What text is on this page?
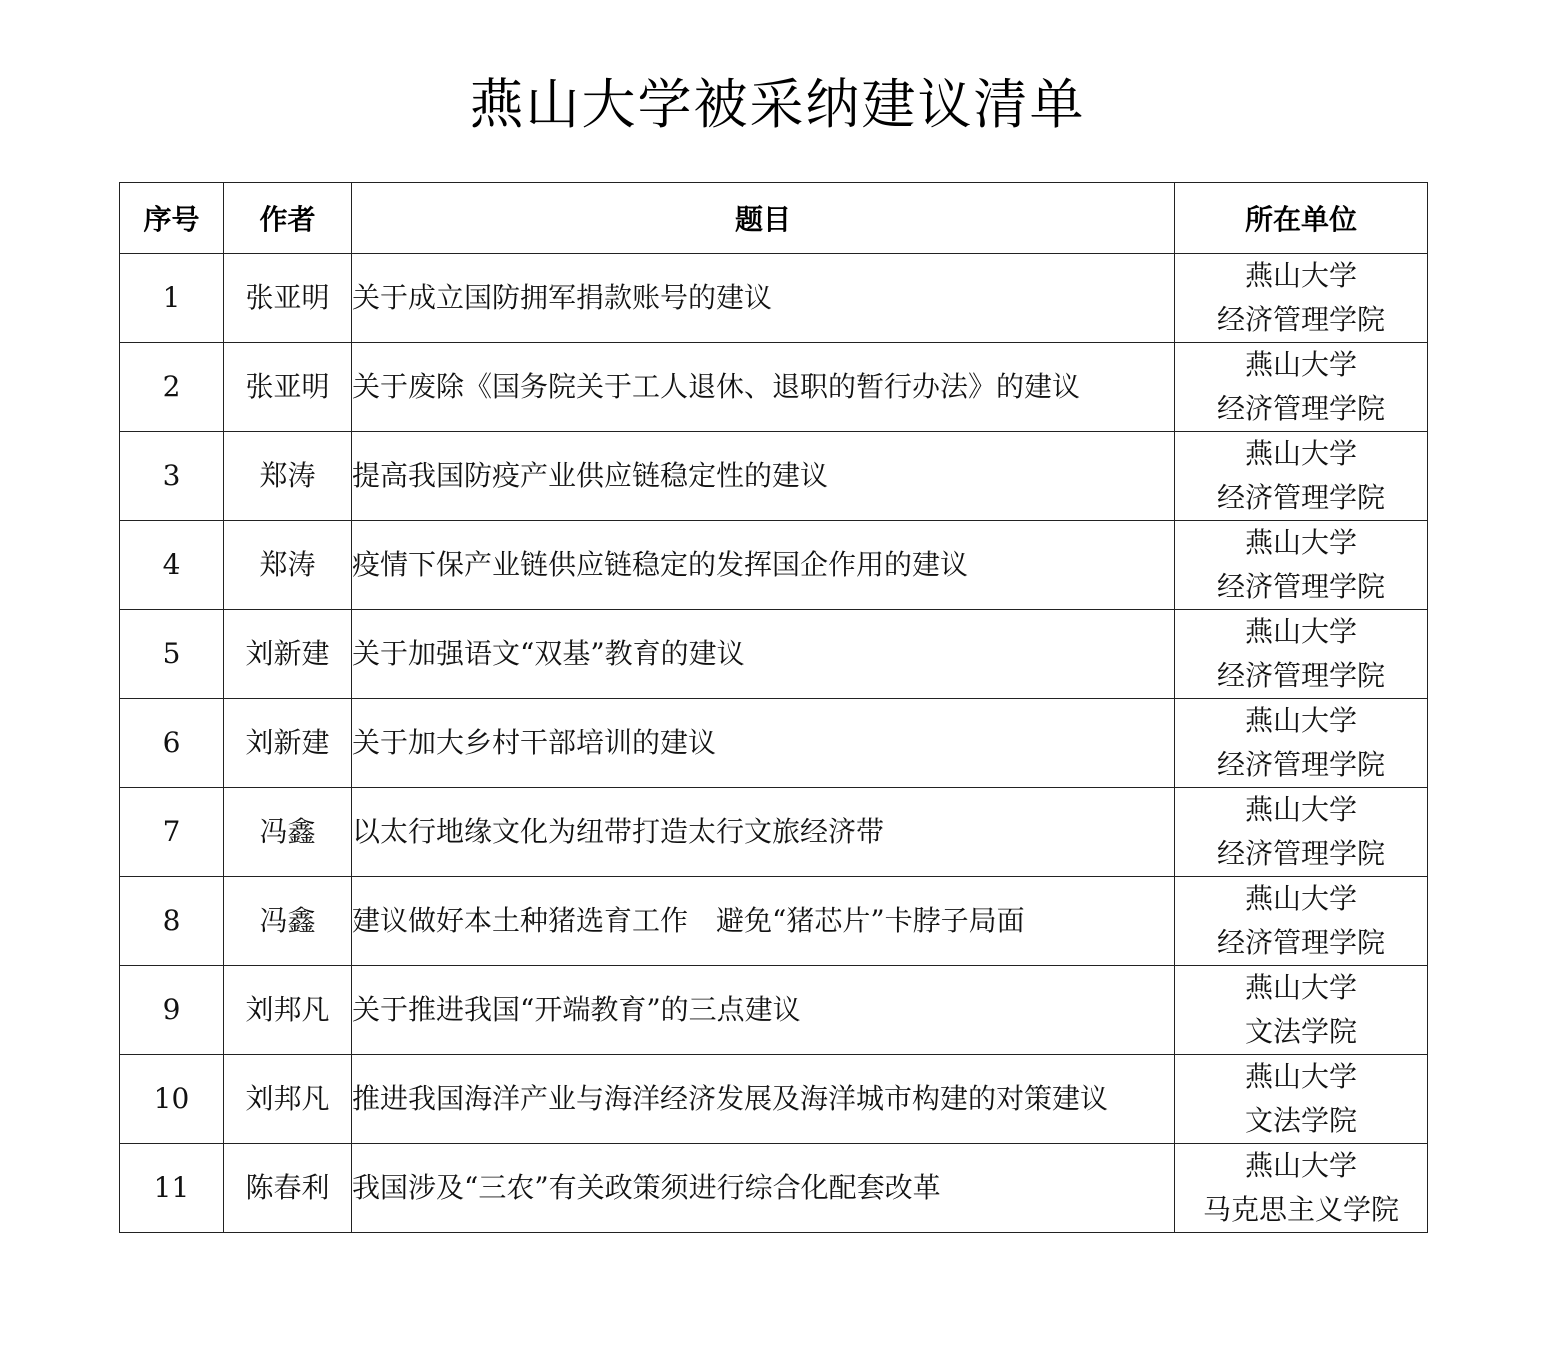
燕山大学被采纳建议清单
序号	作者	题目	所在单位
1	张亚明	关于成立国防拥军捐款账号的建议	燕山大学
经济管理学院

2	张亚明	关于废除《国务院关于工人退休、退职的暂行办法》的建议	燕山大学
经济管理学院

3	郑涛	提高我国防疫产业供应链稳定性的建议	燕山大学
经济管理学院

4	郑涛	疫情下保产业链供应链稳定的发挥国企作用的建议	燕山大学
经济管理学院

5	刘新建	关于加强语文“双基”教育的建议	燕山大学
经济管理学院

6	刘新建	关于加大乡村干部培训的建议	燕山大学
经济管理学院

7	冯鑫	以太行地缘文化为纽带打造太行文旅经济带	燕山大学
经济管理学院

8	冯鑫	建议做好本土种猪选育工作　避免“猪芯片”卡脖子局面	燕山大学
经济管理学院

9	刘邦凡	关于推进我国“开端教育”的三点建议	燕山大学
文法学院

10	刘邦凡	推进我国海洋产业与海洋经济发展及海洋城市构建的对策建议	燕山大学
文法学院

11	陈春利	我国涉及“三农”有关政策须进行综合化配套改革	燕山大学
马克思主义学院
